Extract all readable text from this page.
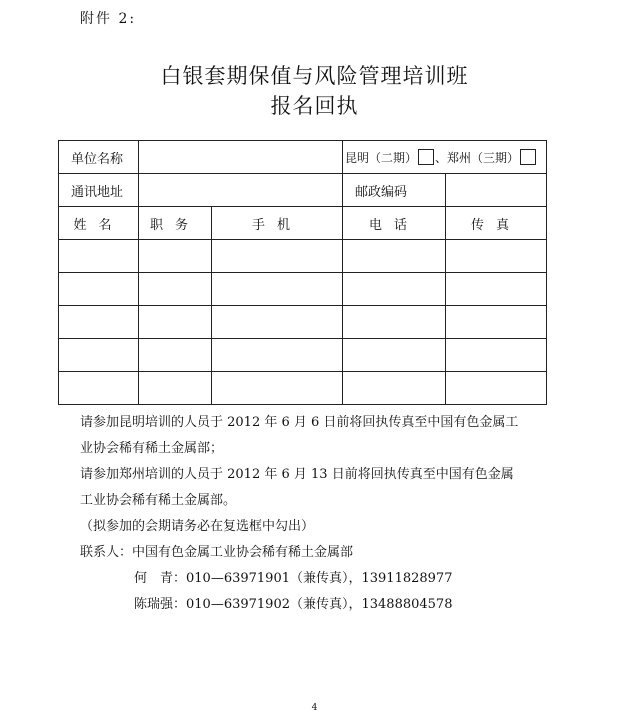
附件 2:
白银套期保值与风险管理培训班
报名回执
单位名称			昆明（二期） 、郑州（三期）	
通讯地址			邮政编码	
姓名	职务	手机	电话	传真

请参加昆明培训的人员于 2012 年 6 月 6 日前将回执传真至中国有色金属工

业协会稀有稀土金属部；

请参加郑州培训的人员于 2012 年 6 月 13 日前将回执传真至中国有色金属

工业协会稀有稀土金属部。

（拟参加的会期请务必在复选框中勾出）

联系人：中国有色金属工业协会稀有稀土金属部

何　青：010—63971901（兼传真），13911828977

陈瑞强：010—63971902（兼传真），13488804578

4
